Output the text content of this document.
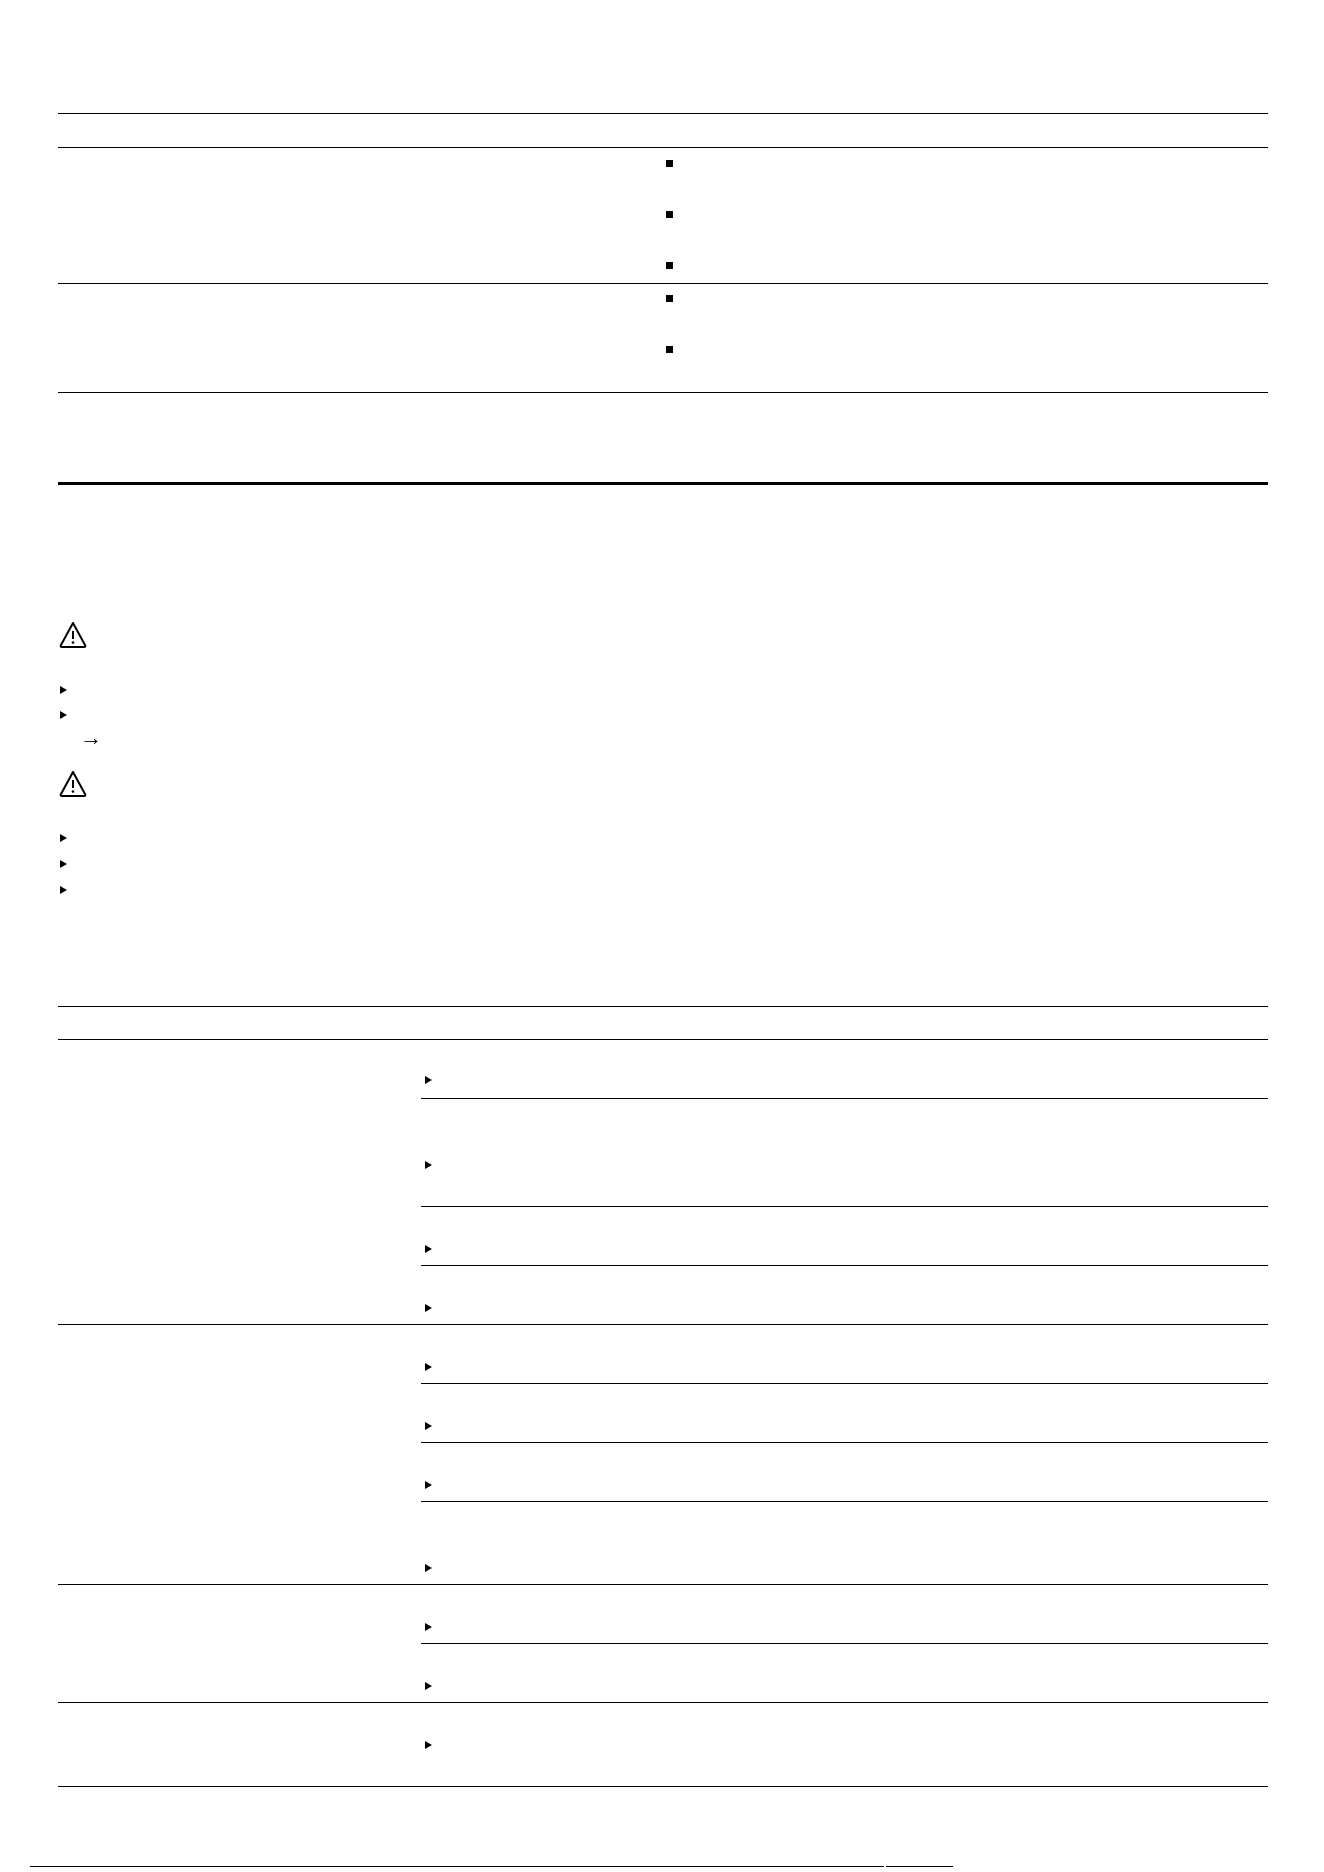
→
